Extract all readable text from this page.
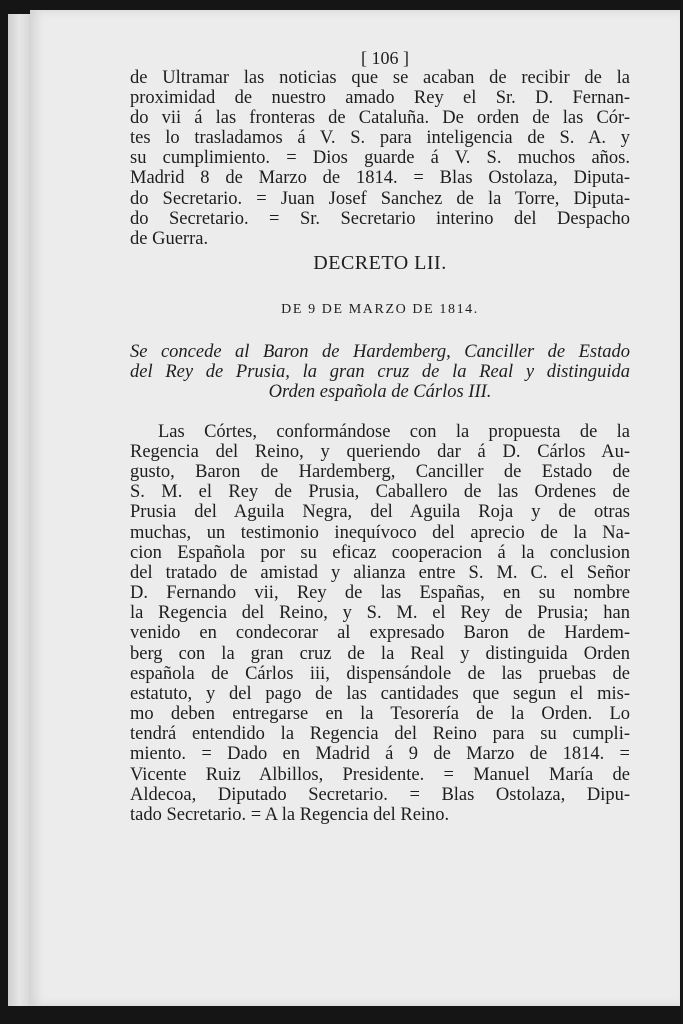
[ 106 ]
de Ultramar las noticias que se acaban de recibir de la
proximidad de nuestro amado Rey el Sr. D. Fernan-
do vii á las fronteras de Cataluña. De orden de las Cór-
tes lo trasladamos á V. S. para inteligencia de S. A. y
su cumplimiento. = Dios guarde á V. S. muchos años.
Madrid 8 de Marzo de 1814. = Blas Ostolaza, Diputa-
do Secretario. = Juan Josef Sanchez de la Torre, Diputa-
do Secretario. = Sr. Secretario interino del Despacho
de Guerra.
DECRETO LII.
DE 9 DE MARZO DE 1814.
Se concede al Baron de Hardemberg, Canciller de Estado
del Rey de Prusia, la gran cruz de la Real y distinguida
Orden española de Cárlos III.
Las Córtes, conformándose con la propuesta de la
Regencia del Reino, y queriendo dar á D. Cárlos Au-
gusto, Baron de Hardemberg, Canciller de Estado de
S. M. el Rey de Prusia, Caballero de las Ordenes de
Prusia del Aguila Negra, del Aguila Roja y de otras
muchas, un testimonio inequívoco del aprecio de la Na-
cion Española por su eficaz cooperacion á la conclusion
del tratado de amistad y alianza entre S. M. C. el Señor
D. Fernando vii, Rey de las Españas, en su nombre
la Regencia del Reino, y S. M. el Rey de Prusia; han
venido en condecorar al expresado Baron de Hardem-
berg con la gran cruz de la Real y distinguida Orden
española de Cárlos iii, dispensándole de las pruebas de
estatuto, y del pago de las cantidades que segun el mis-
mo deben entregarse en la Tesorería de la Orden. Lo
tendrá entendido la Regencia del Reino para su cumpli-
miento. = Dado en Madrid á 9 de Marzo de 1814. =
Vicente Ruiz Albillos, Presidente. = Manuel María de
Aldecoa, Diputado Secretario. = Blas Ostolaza, Dipu-
tado Secretario. = A la Regencia del Reino.
